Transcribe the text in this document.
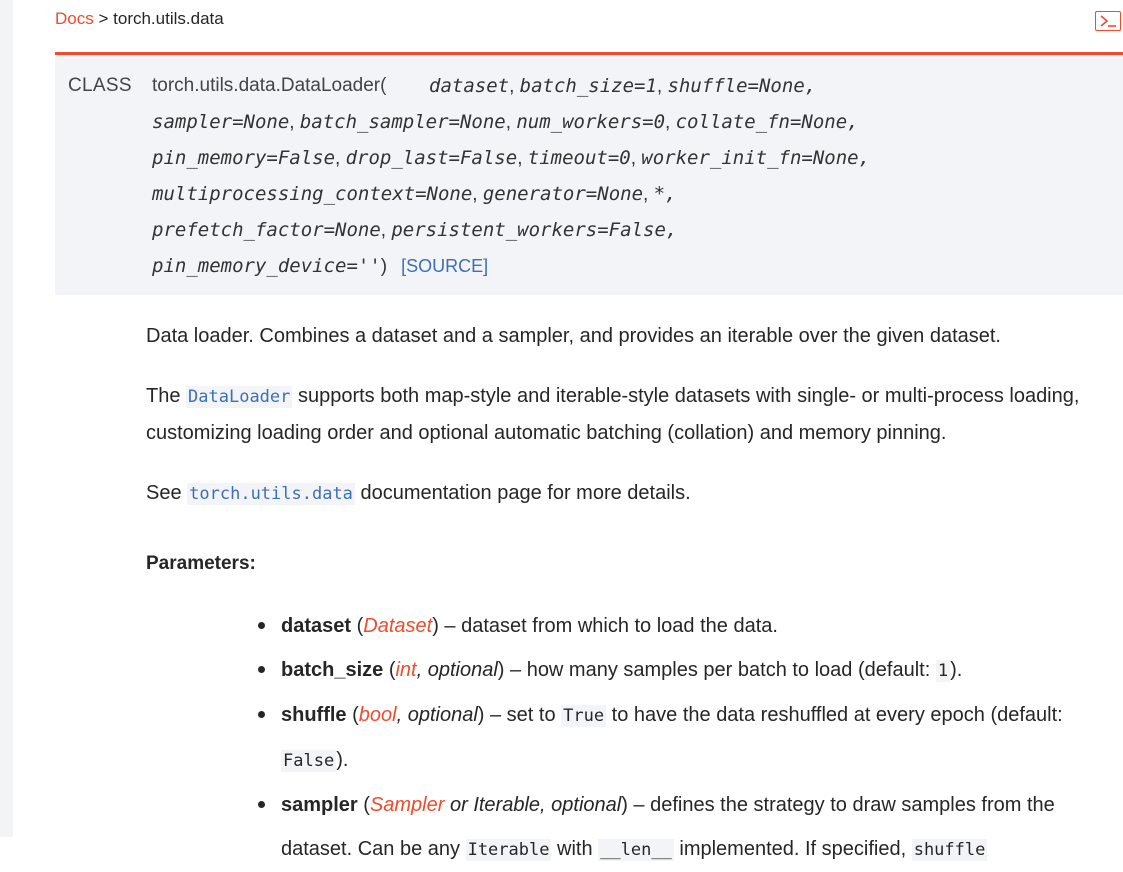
Docs > torch.utils.data
CLASS torch.utils.data.DataLoader( dataset, batch_size=1, shuffle=None,
sampler=None, batch_sampler=None, num_workers=0, collate_fn=None,
pin_memory=False, drop_last=False, timeout=0, worker_init_fn=None,
multiprocessing_context=None, generator=None, *,
prefetch_factor=None, persistent_workers=False,
pin_memory_device='') [SOURCE]

Data loader. Combines a dataset and a sampler, and provides an iterable over the given dataset.

The DataLoader supports both map-style and iterable-style datasets with single- or multi-process loading, customizing loading order and optional automatic batching (collation) and memory pinning.

See torch.utils.data documentation page for more details.

Parameters:
dataset (Dataset) – dataset from which to load the data.
batch_size (int, optional) – how many samples per batch to load (default: 1 ).
shuffle (bool, optional) – set to True to have the data reshuffled at every epoch (default: False ).
sampler (Sampler or Iterable, optional) – defines the strategy to draw samples from the dataset. Can be any Iterable with __len__ implemented. If specified, shuffle
